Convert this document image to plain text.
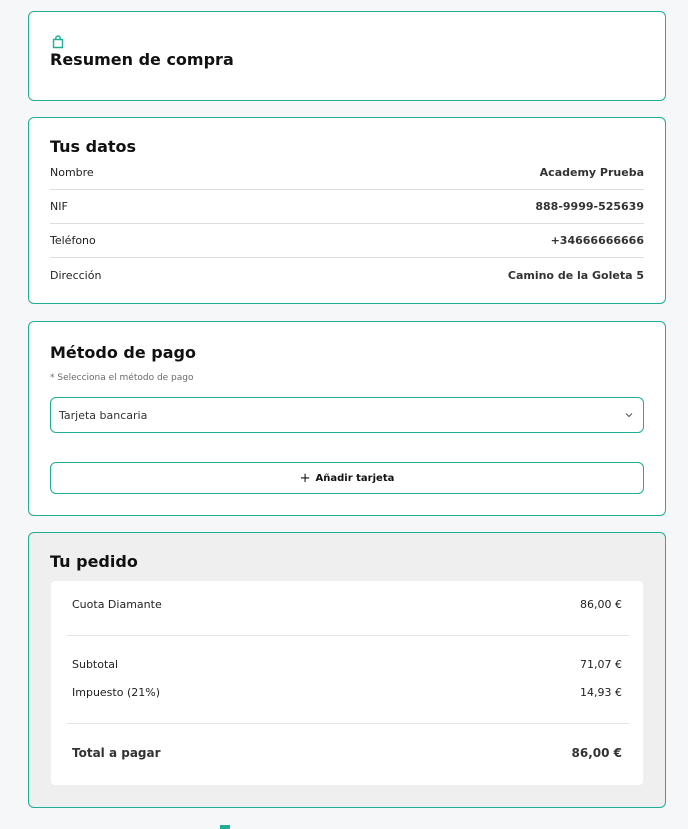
Resumen de compra
Tus datos
Nombre	Academy Prueba
NIF	888-9999-525639
Teléfono	+34666666666
Dirección	Camino de la Goleta 5
Método de pago
* Selecciona el método de pago
Tarjeta bancaria
+ Añadir tarjeta
Tu pedido
Cuota Diamante	86,00 €
Subtotal	71,07 €
Impuesto (21%)	14,93 €
Total a pagar	86,00 €
